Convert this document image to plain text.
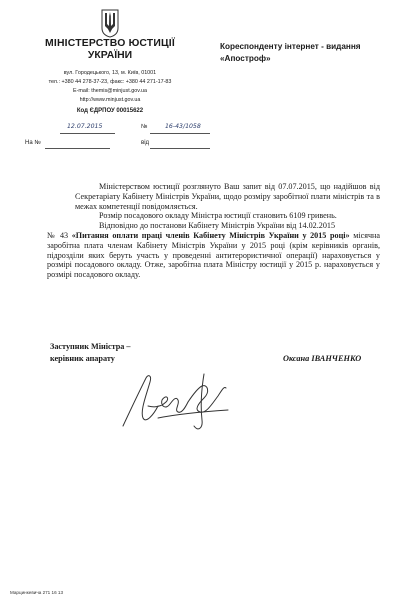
МІНІСТЕРСТВО ЮСТИЦІЇ
УКРАЇНИ
вул. Городецького, 13, м. Київ, 01001
тел.: +380 44 278-37-23, факс: +380 44 271-17-83
E-mail: themis@minjust.gov.ua
http://www.minjust.gov.ua
Код ЄДРПОУ 00015622
12.07.2015	№	16-43/1058
На №	від
Кореспонденту інтернет - видання
«Апостроф»

Міністерством юстиції розглянуто Ваш запит від 07.07.2015, що надійшов від Секретаріату Кабінету Міністрів України, щодо розміру заробітної плати міністрів та в межах компетенції повідомляється.

Розмір посадового окладу Міністра юстиції становить 6109 гривень.

Відповідно до постанови Кабінету Міністрів України від 14.02.2015

№ 43 «Питання оплати праці членів Кабінету Міністрів України у 2015 році» місячна заробітна плата членам Кабінету Міністрів України у 2015 році (крім керівників органів, підрозділи яких беруть участь у проведенні антитерористичної операції) нараховується у розмірі посадового окладу. Отже, заробітна плата Міністру юстиції у 2015 р. нараховується у розмірі посадового окладу.

Заступник Міністра –
керівник апарату	Оксана ІВАНЧЕНКО
Марцинкевича 271 16 13
